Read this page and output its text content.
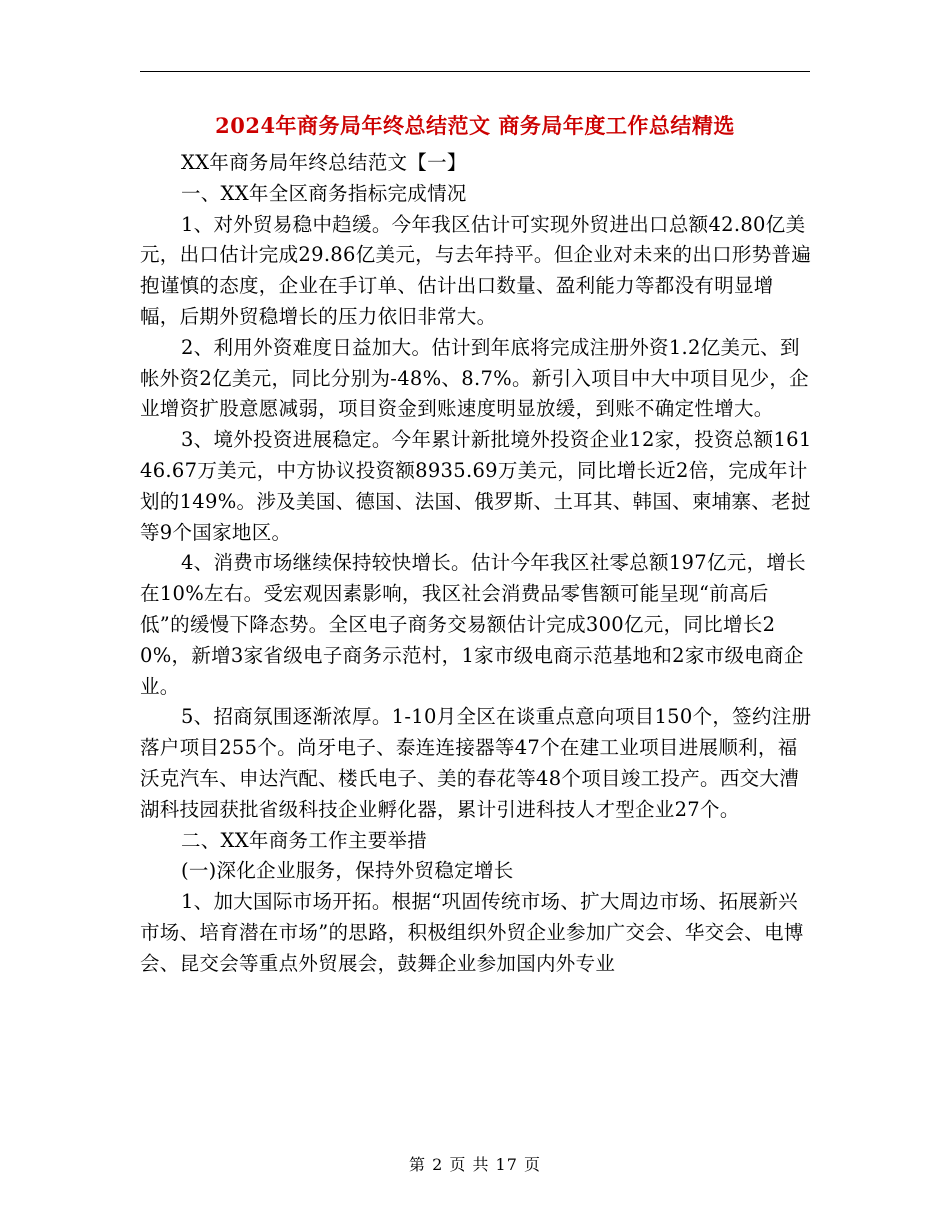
2024年商务局年终总结范文 商务局年度工作总结精选

XX年商务局年终总结范文【一】

一、XX年全区商务指标完成情况

1、对外贸易稳中趋缓。今年我区估计可实现外贸进出口总额42.80亿美元，出口估计完成29.86亿美元，与去年持平。但企业对未来的出口形势普遍抱谨慎的态度，企业在手订单、估计出口数量、盈利能力等都没有明显增幅，后期外贸稳增长的压力依旧非常大。

2、利用外资难度日益加大。估计到年底将完成注册外资1.2亿美元、到帐外资2亿美元，同比分别为-48%、8.7%。新引入项目中大中项目见少，企业增资扩股意愿减弱，项目资金到账速度明显放缓，到账不确定性增大。

3、境外投资进展稳定。今年累计新批境外投资企业12家，投资总额16146.67万美元，中方协议投资额8935.69万美元，同比增长近2倍，完成年计划的149%。涉及美国、德国、法国、俄罗斯、土耳其、韩国、柬埔寨、老挝等9个国家地区。

4、消费市场继续保持较快增长。估计今年我区社零总额197亿元，增长在10%左右。受宏观因素影响，我区社会消费品零售额可能呈现“前高后低”的缓慢下降态势。全区电子商务交易额估计完成300亿元，同比增长20%，新增3家省级电子商务示范村，1家市级电商示范基地和2家市级电商企业。

5、招商氛围逐渐浓厚。1-10月全区在谈重点意向项目150个，签约注册落户项目255个。尚牙电子、泰连连接器等47个在建工业项目进展顺利，福沃克汽车、申达汽配、楼氏电子、美的春花等48个项目竣工投产。西交大漕湖科技园获批省级科技企业孵化器，累计引进科技人才型企业27个。

二、XX年商务工作主要举措

(一)深化企业服务，保持外贸稳定增长

1、加大国际市场开拓。根据“巩固传统市场、扩大周边市场、拓展新兴市场、培育潜在市场”的思路，积极组织外贸企业参加广交会、华交会、电博会、昆交会等重点外贸展会，鼓舞企业参加国内外专业

第 2 页 共 17 页
